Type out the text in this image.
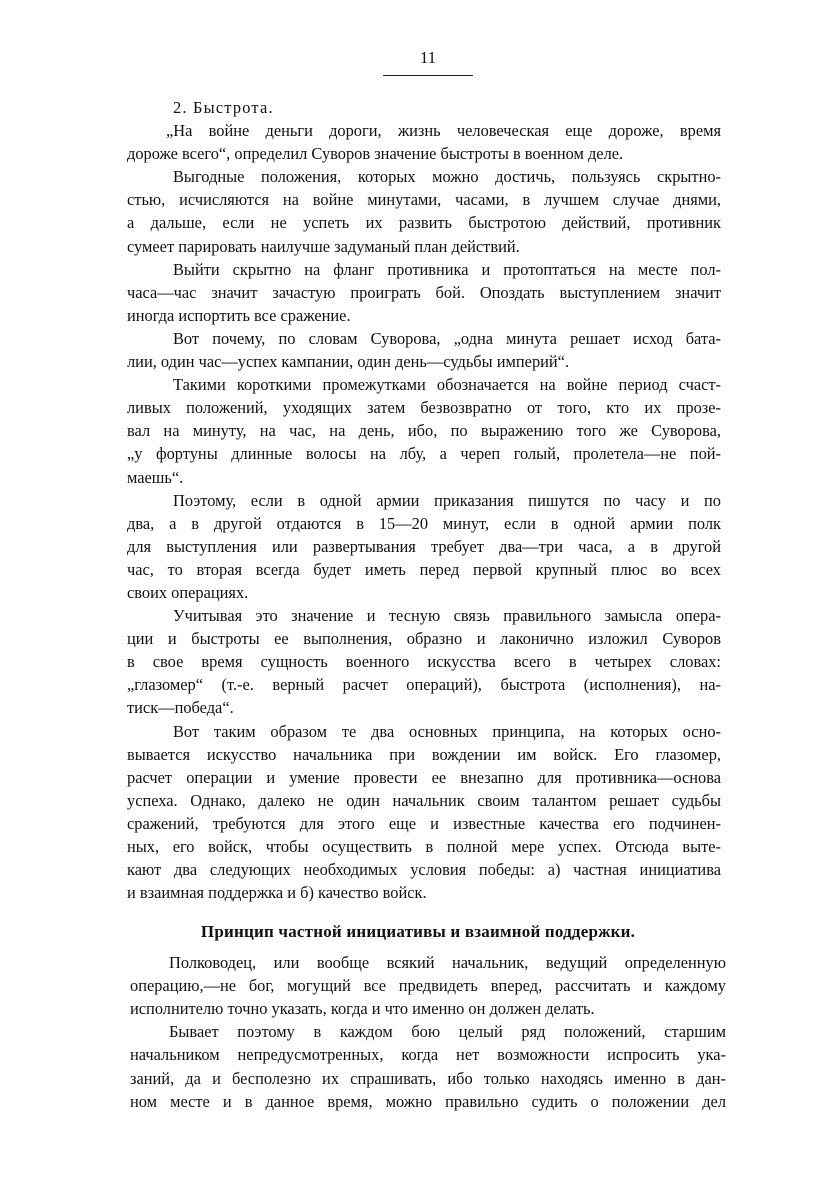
11
2. Быстрота.
„На войне деньги дороги, жизнь человеческая еще дороже, время
дороже всего“, определил Суворов значение быстроты в военном деле.
Выгодные положения, которых можно достичь, пользуясь скрытно-
стью, исчисляются на войне минутами, часами, в лучшем случае днями,
а дальше, если не успеть их развить быстротою действий, противник
сумеет парировать наилучше задуманый план действий.
Выйти скрытно на фланг противника и протоптаться на месте пол-
часа—час значит зачастую проиграть бой. Опоздать выступлением значит
иногда испортить все сражение.
Вот почему, по словам Суворова, „одна минута решает исход бата-
лии, один час—успех кампании, один день—судьбы империй“.
Такими короткими промежутками обозначается на войне период счаст-
ливых положений, уходящих затем безвозвратно от того, кто их прозе-
вал на минуту, на час, на день, ибо, по выражению того же Суворова,
„у фортуны длинные волосы на лбу, а череп голый, пролетела—не пой-
маешь“.
Поэтому, если в одной армии приказания пишутся по часу и по
два, а в другой отдаются в 15—20 минут, если в одной армии полк
для выступления или развертывания требует два—три часа, а в другой
час, то вторая всегда будет иметь перед первой крупный плюс во всех
своих операциях.
Учитывая это значение и тесную связь правильного замысла опера-
ции и быстроты ее выполнения, образно и лаконично изложил Суворов
в свое время сущность военного искусства всего в четырех словах:
„глазомер“ (т.-е. верный расчет операций), быстрота (исполнения), на-
тиск—победа“.
Вот таким образом те два основных принципа, на которых осно-
вывается искусство начальника при вождении им войск. Его глазомер,
расчет операции и умение провести ее внезапно для противника—основа
успеха. Однако, далеко не один начальник своим талантом решает судьбы
сражений, требуются для этого еще и известные качества его подчинен-
ных, его войск, чтобы осуществить в полной мере успех. Отсюда выте-
кают два следующих необходимых условия победы: а) частная инициатива
и взаимная поддержка и б) качество войск.
Принцип частной инициативы и взаимной поддержки.
Полководец, или вообще всякий начальник, ведущий определенную
операцию,—не бог, могущий все предвидеть вперед, рассчитать и каждому
исполнителю точно указать, когда и что именно он должен делать.
Бывает поэтому в каждом бою целый ряд положений, старшим
начальником непредусмотренных, когда нет возможности испросить ука-
заний, да и бесполезно их спрашивать, ибо только находясь именно в дан-
ном месте и в данное время, можно правильно судить о положении дел
